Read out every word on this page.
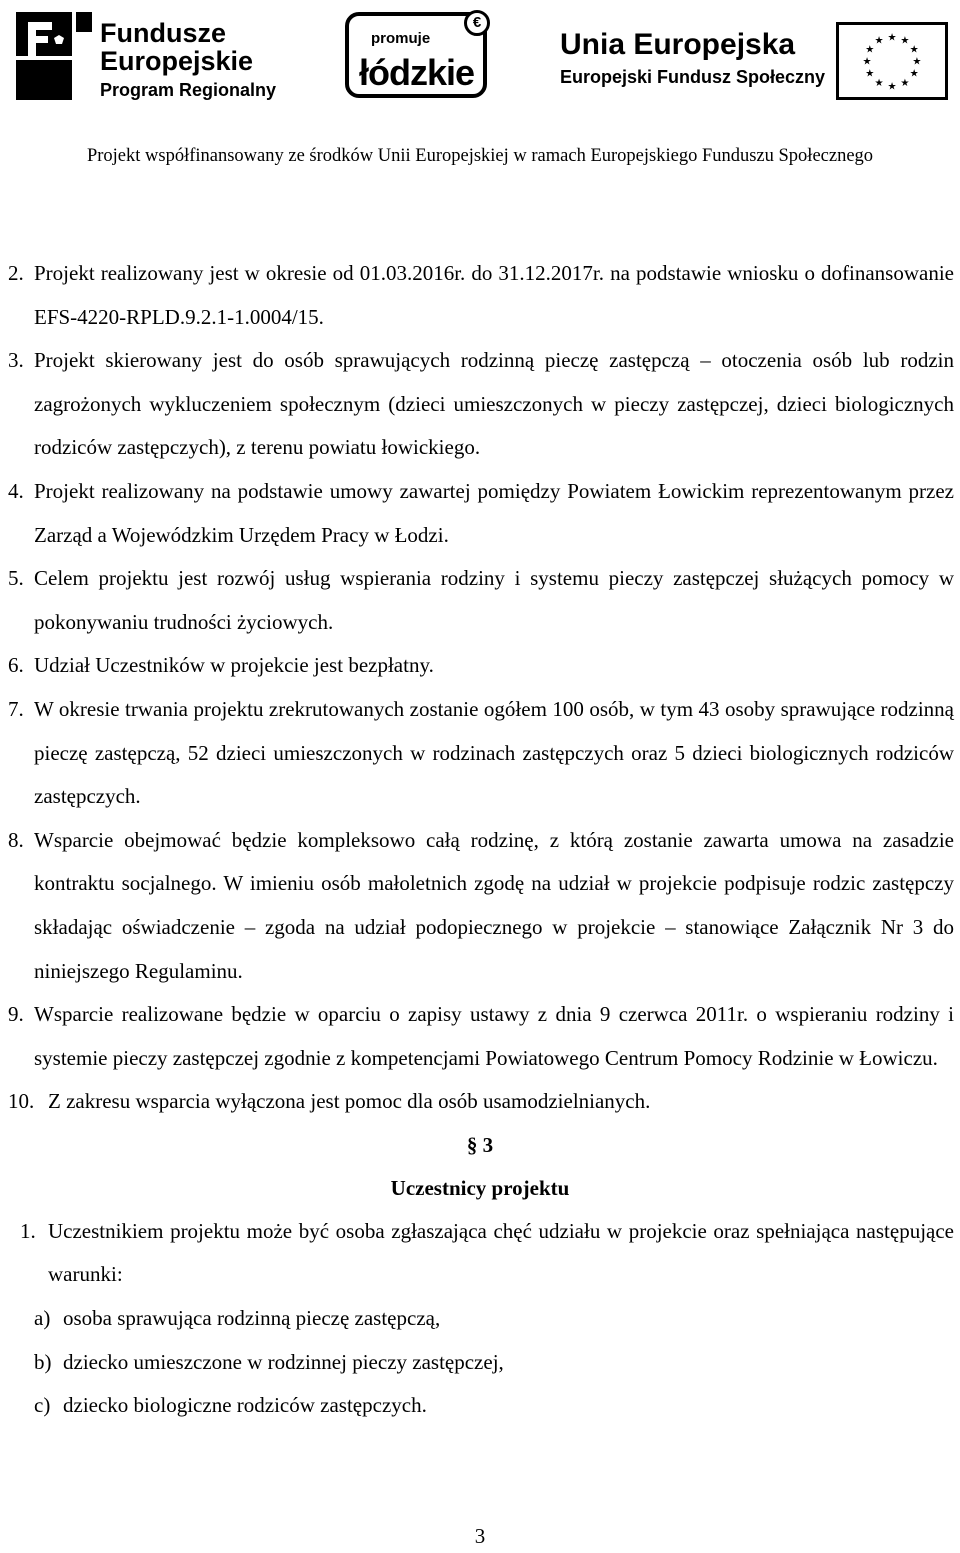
Fundusze
Europejskie
Program Regionalny
promuje
łódzkie
€
Unia Europejska
Europejski Fundusz Społeczny
★ ★
★
★
★
★
★
★
★
★
★
★
Projekt współfinansowany ze środków Unii Europejskiej w ramach Europejskiego Funduszu Społecznego

2. Projekt realizowany jest w okresie od 01.03.2016r. do 31.12.2017r. na podstawie wniosku o dofinansowanie EFS-4220-RPLD.9.2.1-1.0004/15.

3. Projekt skierowany jest do osób sprawujących rodzinną pieczę zastępczą – otoczenia osób lub rodzin zagrożonych wykluczeniem społecznym (dzieci umieszczonych w pieczy zastępczej, dzieci biologicznych rodziców zastępczych), z terenu powiatu łowickiego.

4. Projekt realizowany na podstawie umowy zawartej pomiędzy Powiatem Łowickim reprezentowanym przez Zarząd a Wojewódzkim Urzędem Pracy w Łodzi.

5. Celem projektu jest rozwój usług wspierania rodziny i systemu pieczy zastępczej służących pomocy w pokonywaniu trudności życiowych.

6. Udział Uczestników w projekcie jest bezpłatny.

7. W okresie trwania projektu zrekrutowanych zostanie ogółem 100 osób, w tym 43 osoby sprawujące rodzinną pieczę zastępczą, 52 dzieci umieszczonych w rodzinach zastępczych oraz 5 dzieci biologicznych rodziców zastępczych.

8. Wsparcie obejmować będzie kompleksowo całą rodzinę, z którą zostanie zawarta umowa na zasadzie kontraktu socjalnego. W imieniu osób małoletnich zgodę na udział w projekcie podpisuje rodzic zastępczy składając oświadczenie – zgoda na udział podopiecznego w projekcie – stanowiące Załącznik Nr 3 do niniejszego Regulaminu.

9. Wsparcie realizowane będzie w oparciu o zapisy ustawy z dnia 9 czerwca 2011r. o wspieraniu rodziny i systemie pieczy zastępczej zgodnie z kompetencjami Powiatowego Centrum Pomocy Rodzinie w Łowiczu.

10. Z zakresu wsparcia wyłączona jest pomoc dla osób usamodzielnianych.

§ 3

Uczestnicy projektu

1. Uczestnikiem projektu może być osoba zgłaszająca chęć udziału w projekcie oraz spełniająca następujące warunki:

a) osoba sprawująca rodzinną pieczę zastępczą,

b) dziecko umieszczone w rodzinnej pieczy zastępczej,

c) dziecko biologiczne rodziców zastępczych.

3
